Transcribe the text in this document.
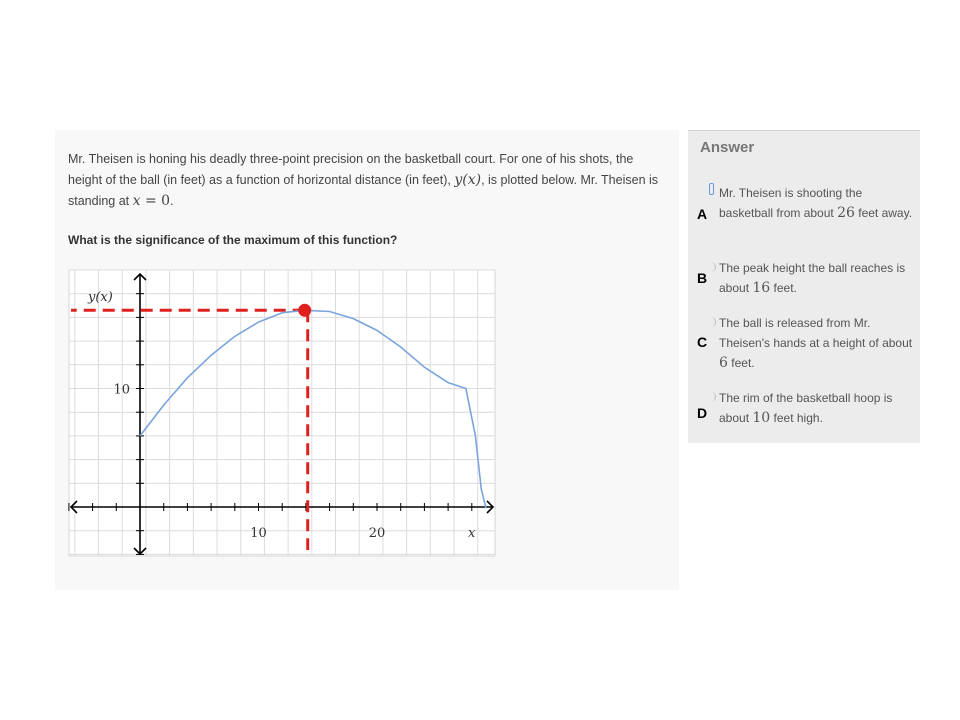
Mr. Theisen is honing his deadly three-point precision on the basketball court. For one of his shots, the height of the ball (in feet) as a function of horizontal distance (in feet), y(x), is plotted below. Mr. Theisen is standing at x = 0.
What is the significance of the maximum of this function?
y(x)
x
10
10	20
Answer
A
Mr. Theisen is shooting the basketball from about 26 feet away.
B
The peak height the ball reaches is about 16 feet.
C
The ball is released from Mr. Theisen's hands at a height of about 6 feet.
D
The rim of the basketball hoop is about 10 feet high.
